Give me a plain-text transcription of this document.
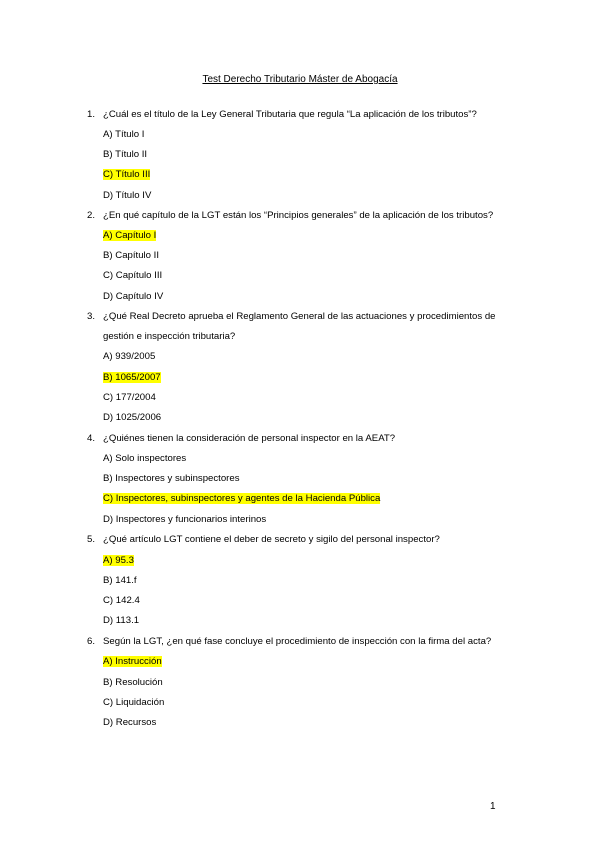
Test Derecho Tributario Máster de Abogacía
1. ¿Cuál es el título de la Ley General Tributaria que regula “La aplicación de los tributos”?
A) Título I
B) Título II
C) Título III
D) Título IV
2. ¿En qué capítulo de la LGT están los “Principios generales” de la aplicación de los tributos?
A) Capítulo I
B) Capítulo II
C) Capítulo III
D) Capítulo IV
3. ¿Qué Real Decreto aprueba el Reglamento General de las actuaciones y procedimientos de
gestión e inspección tributaria?
A) 939/2005
B) 1065/2007
C) 177/2004
D) 1025/2006
4. ¿Quiénes tienen la consideración de personal inspector en la AEAT?
A) Solo inspectores
B) Inspectores y subinspectores
C) Inspectores, subinspectores y agentes de la Hacienda Pública
D) Inspectores y funcionarios interinos
5. ¿Qué artículo LGT contiene el deber de secreto y sigilo del personal inspector?
A) 95.3
B) 141.f
C) 142.4
D) 113.1
6. Según la LGT, ¿en qué fase concluye el procedimiento de inspección con la firma del acta?
A) Instrucción
B) Resolución
C) Liquidación
D) Recursos
1
